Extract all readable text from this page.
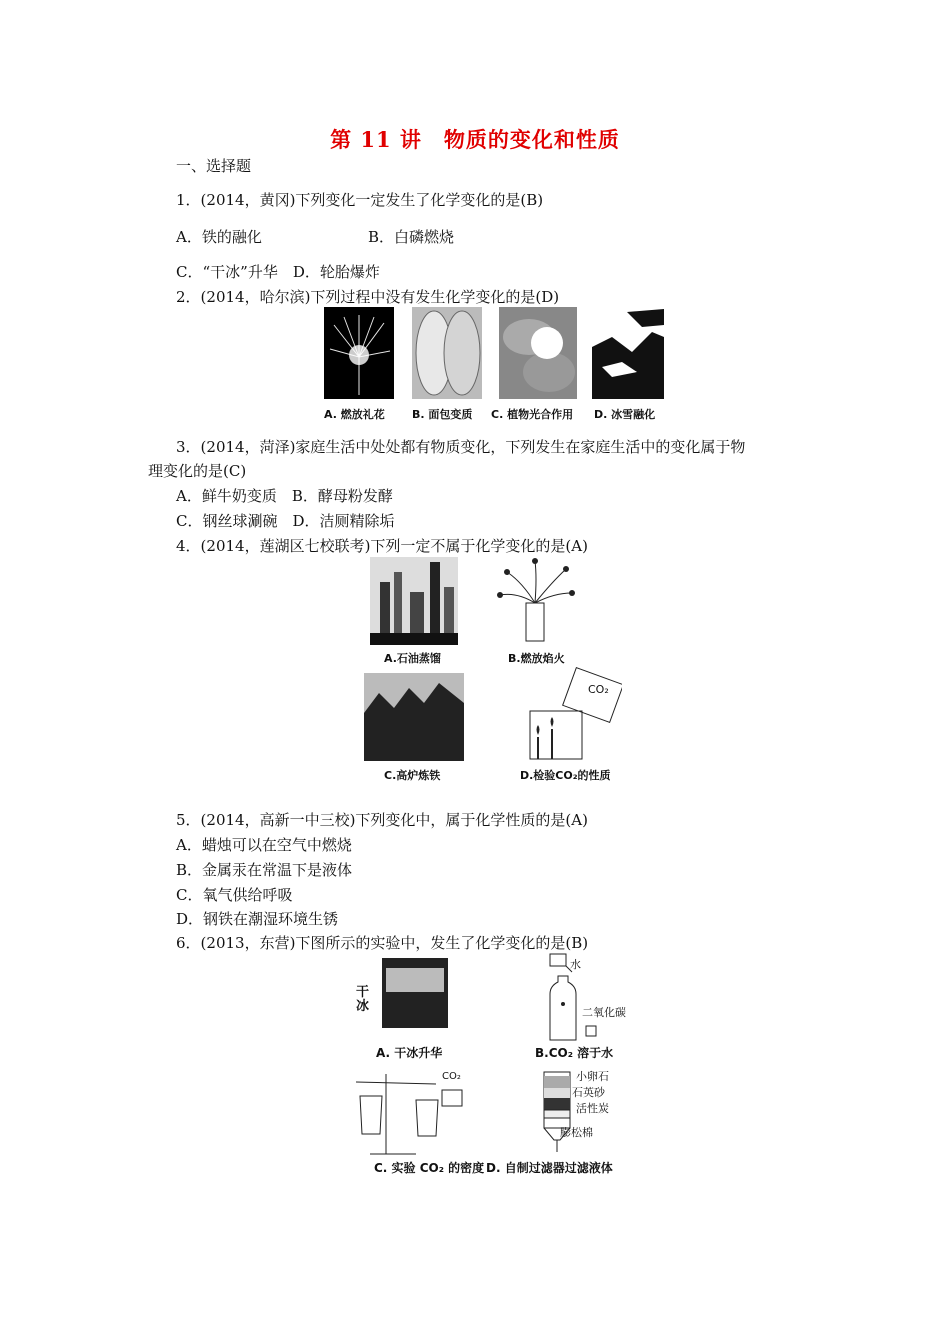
第 11 讲　物质的变化和性质
一、选择题
1．(2014，黄冈)下列变化一定发生了化学变化的是(B)
A．铁的融化	B．白磷燃烧
C．“干冰”升华　D．轮胎爆炸
2．(2014，哈尔滨)下列过程中没有发生化学变化的是(D)
A. 燃放礼花 B. 面包变质 C. 植物光合作用 D. 冰雪融化
3．(2014，菏泽)家庭生活中处处都有物质变化，下列发生在家庭生活中的变化属于物
理变化的是(C)
A．鲜牛奶变质　B．酵母粉发酵
C．钢丝球涮碗　D．洁厕精除垢
4．(2014，莲湖区七校联考)下列一定不属于化学变化的是(A)
A.石油蒸馏	B.燃放焰火
CO₂
C.高炉炼铁	D.检验CO₂的性质
5．(2014，高新一中三校)下列变化中，属于化学性质的是(A)
A．蜡烛可以在空气中燃烧
B．金属汞在常温下是液体
C．氧气供给呼吸
D．钢铁在潮湿环境生锈
6．(2013，东营)下图所示的实验中，发生了化学变化的是(B)
干
冰
水
二氧化碳
A. 干冰升华	B.CO₂ 溶于水
CO₂	小卵石
石英砂
活性炭
膨松棉
C. 实验 CO₂ 的密度 D. 自制过滤器过滤液体
